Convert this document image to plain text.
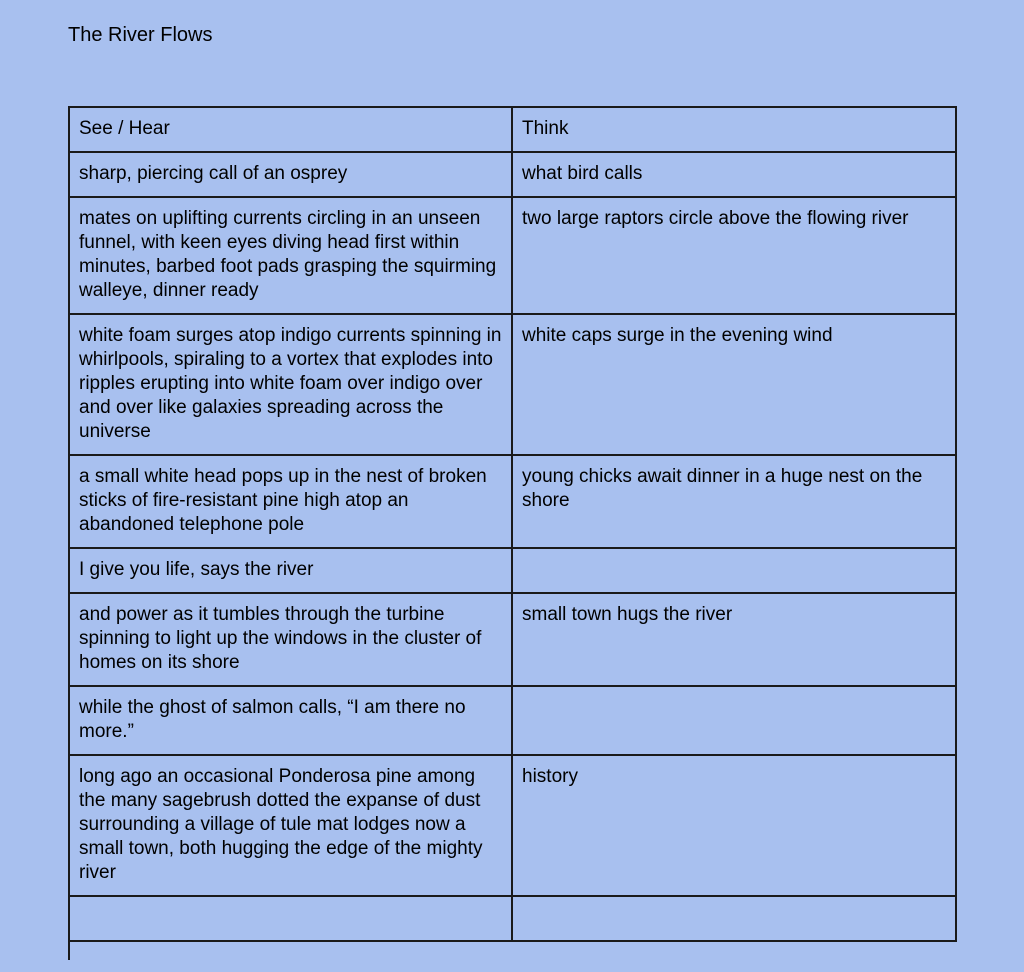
The River Flows
See / Hear	Think
sharp, piercing call of an osprey	what bird calls
mates on uplifting currents circling in an unseen funnel, with keen eyes diving head first within minutes, barbed foot pads grasping the squirming walleye, dinner ready	two large raptors circle above the flowing river
white foam surges atop indigo currents spinning in whirlpools, spiraling to a vortex that explodes into ripples erupting into white foam over indigo over and over like galaxies spreading across the universe	white caps surge in the evening wind
a small white head pops up in the nest of broken sticks of fire-resistant pine high atop an abandoned telephone pole	young chicks await dinner in a huge nest on the shore
I give you life, says the river	
and power as it tumbles through the turbine spinning to light up the windows in the cluster of homes on its shore	small town hugs the river
while the ghost of salmon calls, “I am there no more.”	
long ago an occasional Ponderosa pine among the many sagebrush dotted the expanse of dust surrounding a village of tule mat lodges now a small town, both hugging the edge of the mighty river	history
